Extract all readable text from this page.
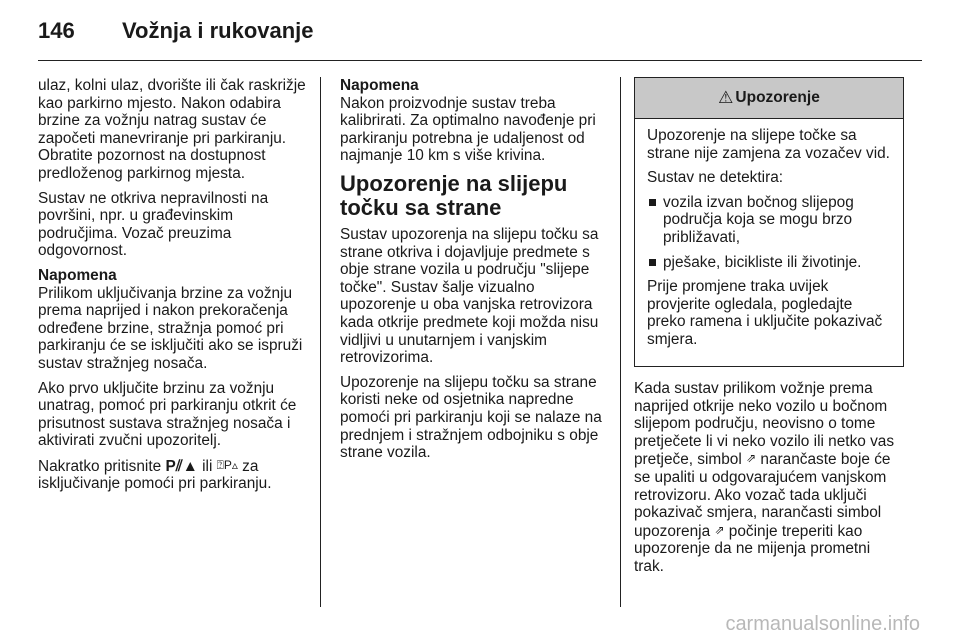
146	Vožnja i rukovanje

ulaz, kolni ulaz, dvorište ili čak raskrižje kao parkirno mjesto. Nakon odabira brzine za vožnju natrag sustav će započeti manevriranje pri parkiranju. Obratite pozornost na dostupnost predloženog parkirnog mjesta.

Sustav ne otkriva nepravilnosti na površini, npr. u građevinskim područjima. Vozač preuzima odgovornost.

Napomena
Prilikom uključivanja brzine za vožnju prema naprijed i nakon prekoračenja određene brzine, stražnja pomoć pri parkiranju će se isključiti ako se ispruži sustav stražnjeg nosača.

Ako prvo uključite brzinu za vožnju unatrag, pomoć pri parkiranju otkrit će prisutnost sustava stražnjeg nosača i aktivirati zvučni upozoritelj.

Nakratko pritisnite P⫽▲ ili ⍰P▵ za isključivanje pomoći pri parkiranju.

Napomena
Nakon proizvodnje sustav treba kalibrirati. Za optimalno navođenje pri parkiranju potrebna je udaljenost od najmanje 10 km s više krivina.

Upozorenje na slijepu točku sa strane

Sustav upozorenja na slijepu točku sa strane otkriva i dojavljuje predmete s obje strane vozila u području "slijepe točke". Sustav šalje vizualno upozorenje u oba vanjska retrovizora kada otkrije predmete koji možda nisu vidljivi u unutarnjem i vanjskim retrovizorima.

Upozorenje na slijepu točku sa strane koristi neke od osjetnika napredne pomoći pri parkiranju koji se nalaze na prednjem i stražnjem odbojniku s obje strane vozila.

⚠ Upozorenje

Upozorenje na slijepe točke sa strane nije zamjena za vozačev vid.

Sustav ne detektira:

vozila izvan bočnog slijepog područja koja se mogu brzo približavati,
pješake, biciklistе ili životinje.

Prije promjene traka uvijek provjerite ogledala, pogledajte preko ramena i uključite pokazivač smjera.

Kada sustav prilikom vožnje prema naprijed otkrije neko vozilo u bočnom slijepom području, neovisno o tome pretječete li vi neko vozilo ili netko vas pretječe, simbol ⇗ narančaste boje će se upaliti u odgovarajućem vanjskom retrovizoru. Ako vozač tada uključi pokazivač smjera, narančasti simbol upozorenja ⇗ počinje treperiti kao upozorenje da ne mijenja prometni trak.

carmanualsonline.info
